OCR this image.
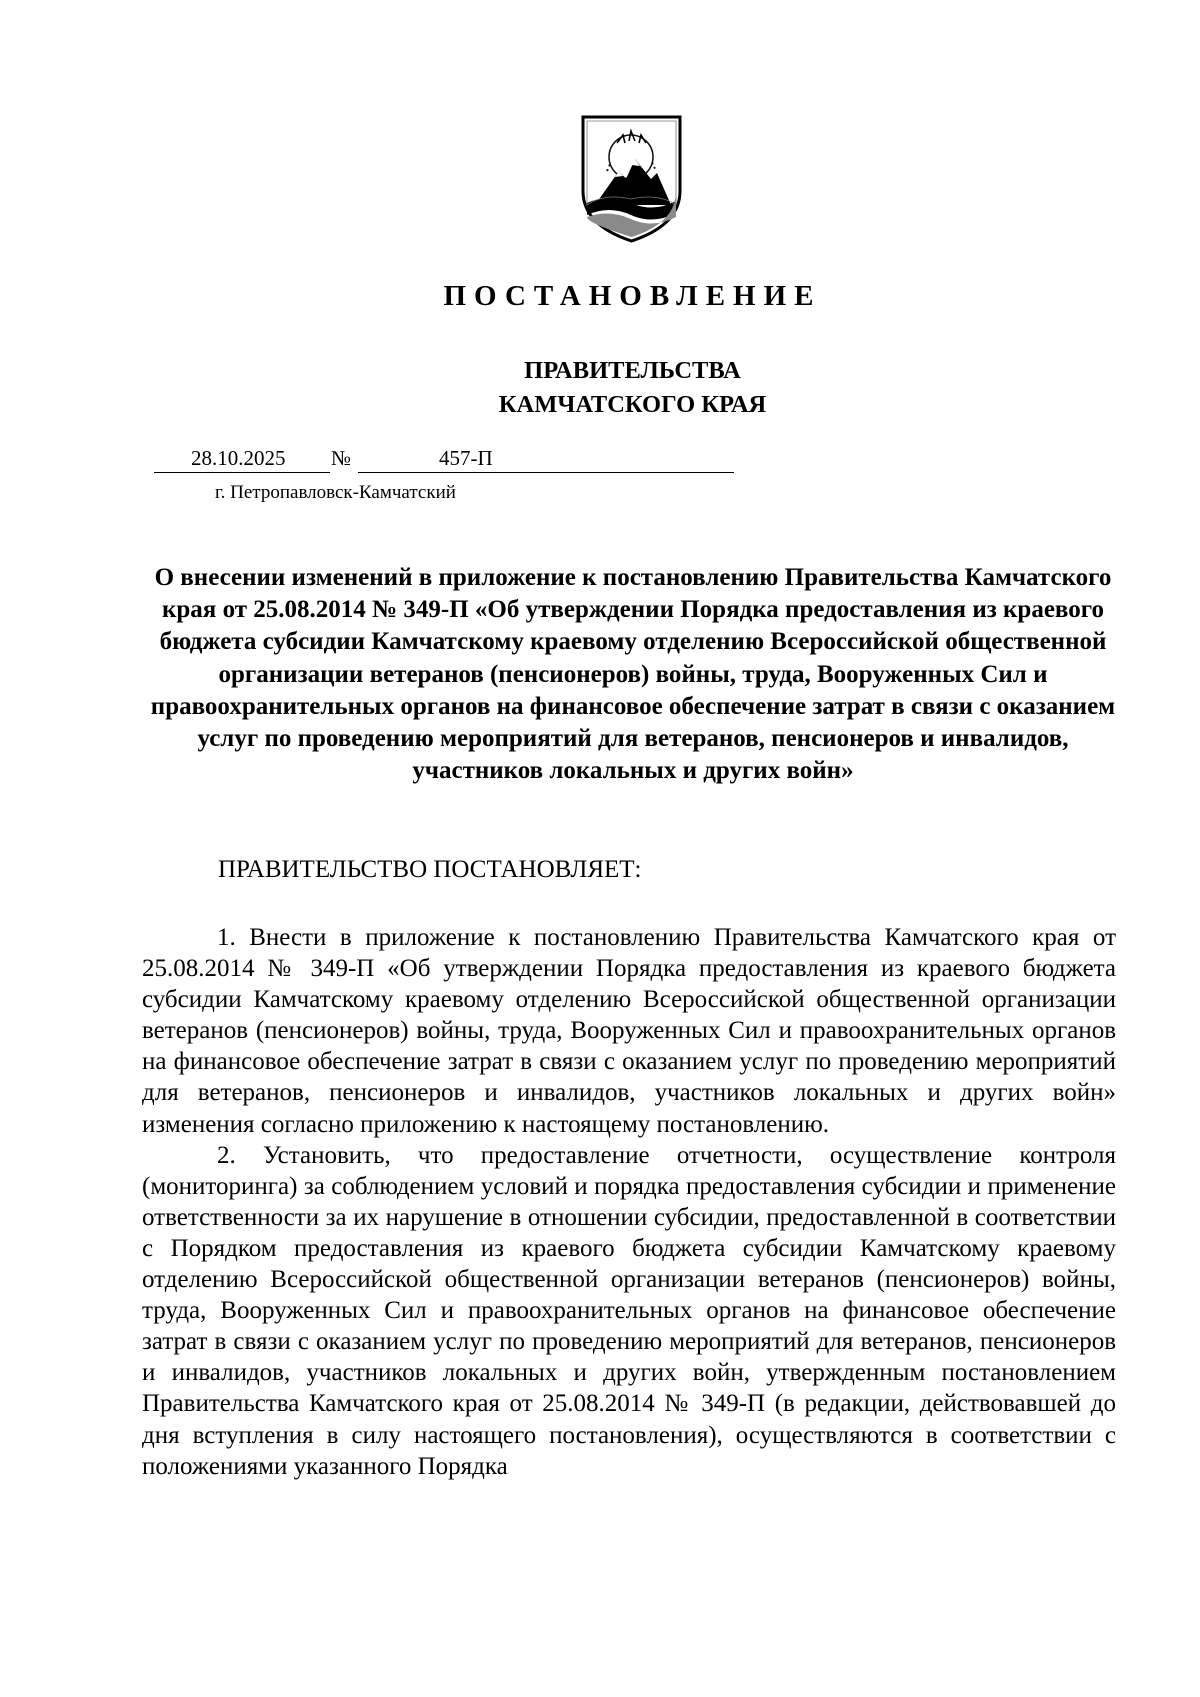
ПОСТАНОВЛЕНИЕ
ПРАВИТЕЛЬСТВА
КАМЧАТСКОГО КРАЯ
28.10.2025 №	457-П
г. Петропавловск-Камчатский
О внесении изменений в приложение к постановлению Правительства Камчатского края от 25.08.2014 № 349-П «Об утверждении Порядка предоставления из краевого бюджета субсидии Камчатскому краевому отделению Всероссийской общественной организации ветеранов (пенсионеров) войны, труда, Вооруженных Сил и правоохранительных органов на финансовое обеспечение затрат в связи с оказанием услуг по проведению мероприятий для ветеранов, пенсионеров и инвалидов, участников локальных и других войн»
ПРАВИТЕЛЬСТВО ПОСТАНОВЛЯЕТ:

1. Внести в приложение к постановлению Правительства Камчатского края от 25.08.2014 № 349-П «Об утверждении Порядка предоставления из краевого бюджета субсидии Камчатскому краевому отделению Всероссийской общественной организации ветеранов (пенсионеров) войны, труда, Вооруженных Сил и правоохранительных органов на финансовое обеспечение затрат в связи с оказанием услуг по проведению мероприятий для ветеранов, пенсионеров и инвалидов, участников локальных и других войн» изменения согласно приложению к настоящему постановлению.

2. Установить, что предоставление отчетности, осуществление контроля (мониторинга) за соблюдением условий и порядка предоставления субсидии и применение ответственности за их нарушение в отношении субсидии, предоставленной в соответствии с Порядком предоставления из краевого бюджета субсидии Камчатскому краевому отделению Всероссийской общественной организации ветеранов (пенсионеров) войны, труда, Вооруженных Сил и правоохранительных органов на финансовое обеспечение затрат в связи с оказанием услуг по проведению мероприятий для ветеранов, пенсионеров и инвалидов, участников локальных и других войн, утвержденным постановлением Правительства Камчатского края от 25.08.2014 № 349-П (в редакции, действовавшей до дня вступления в силу настоящего постановления), осуществляются в соответствии с положениями указанного Порядка
